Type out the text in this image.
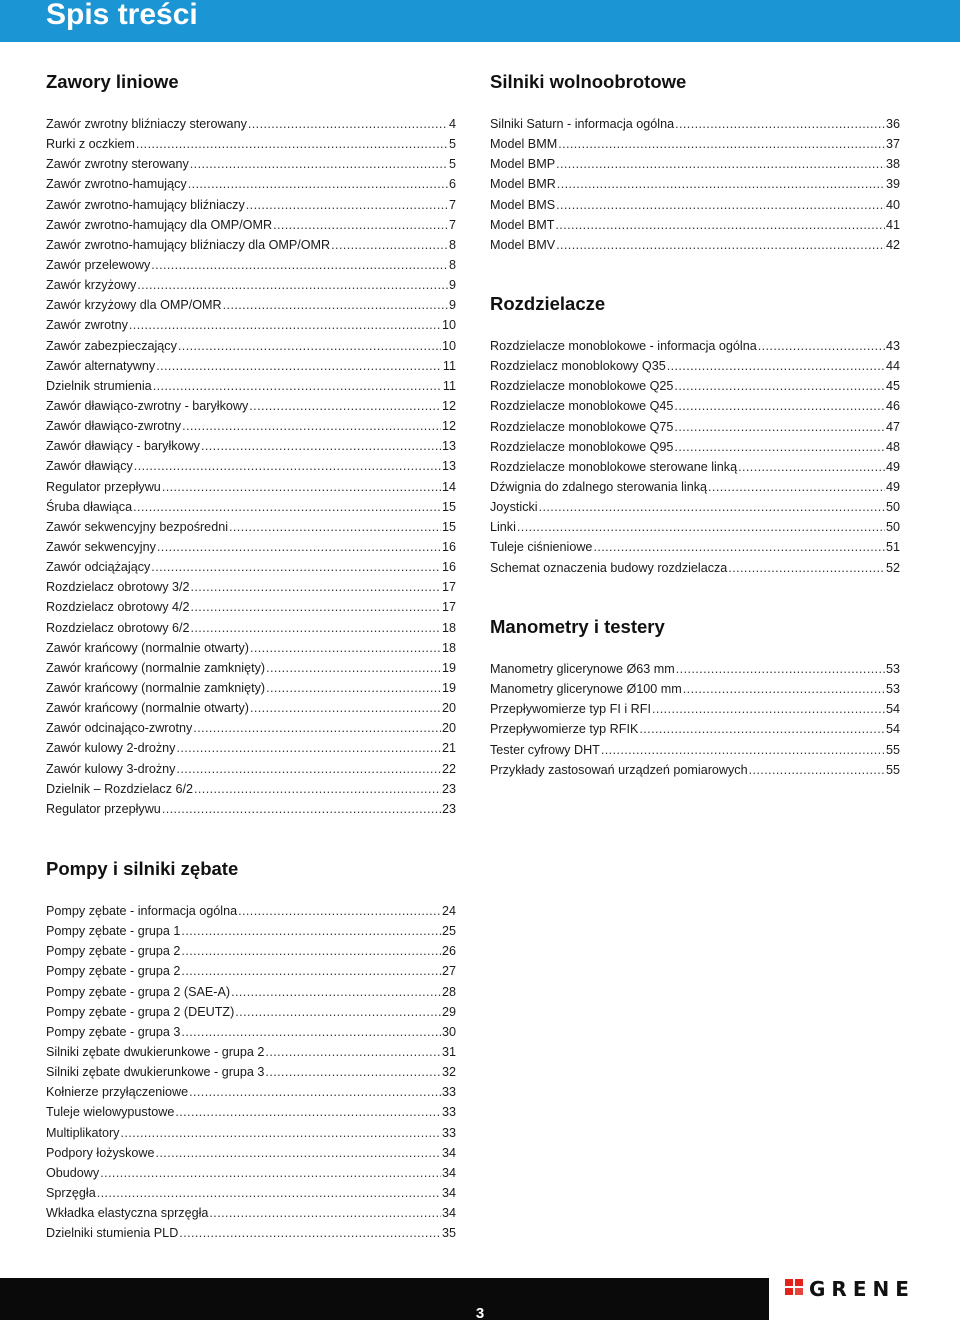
Spis treści
Zawory liniowe
Zawór zwrotny bliźniaczy sterowany .....	4
Rurki z oczkiem .....	5
Zawór zwrotny sterowany .....	5
Zawór zwrotno-hamujący .....	6
Zawór zwrotno-hamujący bliźniaczy .....	7
Zawór zwrotno-hamujący dla OMP/OMR .....	7
Zawór zwrotno-hamujący bliźniaczy dla OMP/OMR .....	8
Zawór przelewowy .....	8
Zawór krzyżowy .....	9
Zawór krzyżowy dla OMP/OMR .....	9
Zawór zwrotny .....	10
Zawór zabezpieczający .....	10
Zawór alternatywny .....	11
Dzielnik strumienia .....	11
Zawór dławiąco-zwrotny - baryłkowy .....	12
Zawór dławiąco-zwrotny .....	12
Zawór dławiący - baryłkowy .....	13
Zawór dławiący .....	13
Regulator przepływu .....	14
Śruba dławiąca .....	15
Zawór sekwencyjny bezpośredni .....	15
Zawór sekwencyjny .....	16
Zawór odciążający .....	16
Rozdzielacz obrotowy 3/2 .....	17
Rozdzielacz obrotowy 4/2 .....	17
Rozdzielacz obrotowy 6/2 .....	18
Zawór krańcowy (normalnie otwarty) .....	18
Zawór krańcowy (normalnie zamknięty) .....	19
Zawór krańcowy (normalnie zamknięty) .....	19
Zawór krańcowy (normalnie otwarty) .....	20
Zawór odcinająco-zwrotny .....	20
Zawór kulowy 2-drożny .....	21
Zawór kulowy 3-drożny .....	22
Dzielnik – Rozdzielacz 6/2 .....	23
Regulator przepływu .....	23
Silniki wolnoobrotowe
Silniki Saturn - informacja ogólna .....	36
Model BMM .....	37
Model BMP .....	38
Model BMR .....	39
Model BMS .....	40
Model BMT .....	41
Model BMV .....	42
Rozdzielacze
Rozdzielacze monoblokowe - informacja ogólna .....	43
Rozdzielacz monoblokowy Q35 .....	44
Rozdzielacze monoblokowe Q25 .....	45
Rozdzielacze monoblokowe Q45 .....	46
Rozdzielacze monoblokowe Q75 .....	47
Rozdzielacze monoblokowe Q95 .....	48
Rozdzielacze monoblokowe sterowane linką .....	49
Dźwignia do zdalnego sterowania linką .....	49
Joysticki .....	50
Linki .....	50
Tuleje ciśnieniowe .....	51
Schemat oznaczenia budowy rozdzielacza .....	52
Manometry i testery
Manometry glicerynowe Ø63 mm .....	53
Manometry glicerynowe Ø100 mm .....	53
Przepływomierze typ FI i RFI .....	54
Przepływomierze typ RFIK .....	54
Tester cyfrowy DHT .....	55
Przykłady zastosowań urządzeń pomiarowych .....	55
Pompy i silniki zębate
Pompy zębate - informacja ogólna .....	24
Pompy zębate - grupa 1 .....	25
Pompy zębate - grupa 2 .....	26
Pompy zębate - grupa 2 .....	27
Pompy zębate - grupa 2 (SAE-A) .....	28
Pompy zębate - grupa 2 (DEUTZ) .....	29
Pompy zębate - grupa 3 .....	30
Silniki zębate dwukierunkowe - grupa 2 .....	31
Silniki zębate dwukierunkowe - grupa 3 .....	32
Kołnierze przyłączeniowe .....	33
Tuleje wielowypustowe .....	33
Multiplikatory .....	33
Podpory łożyskowe .....	34
Obudowy .....	34
Sprzęgła .....	34
Wkładka elastyczna sprzęgła .....	34
Dzielniki stumienia PLD .....	35
3
GRENE
